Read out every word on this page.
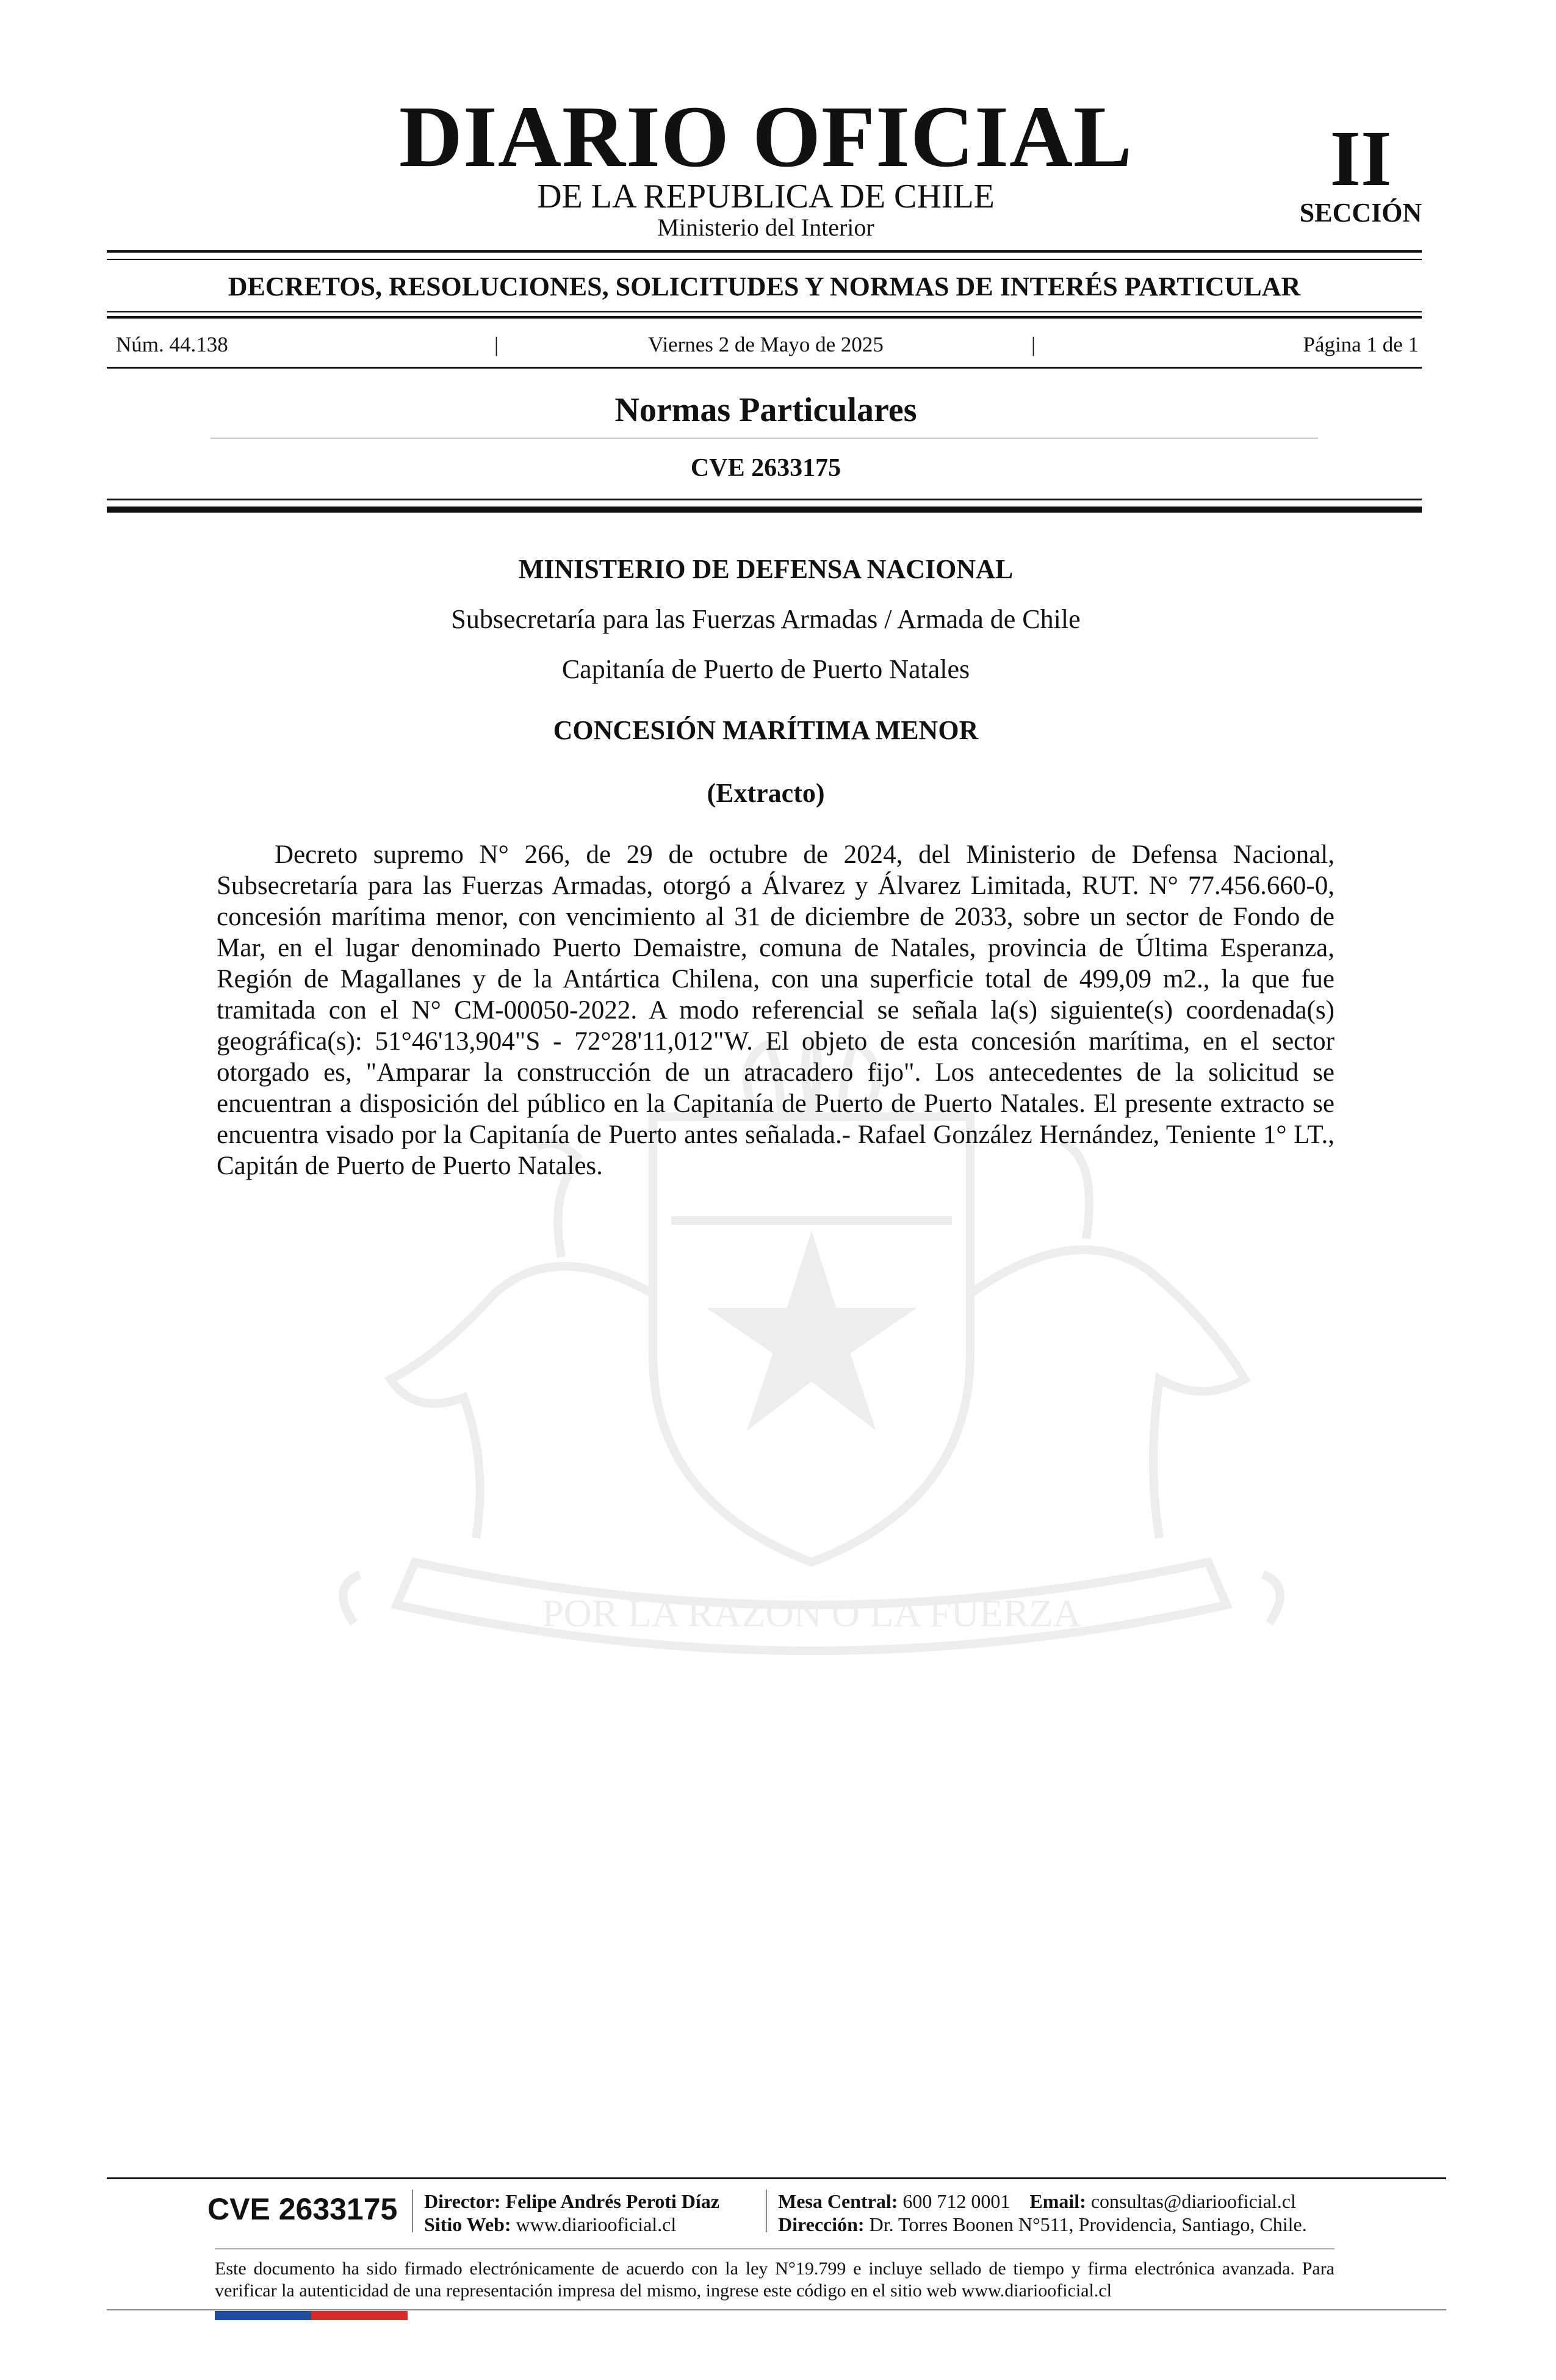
DIARIO OFICIAL
DE LA REPUBLICA DE CHILE
Ministerio del Interior
II
SECCIÓN
DECRETOS, RESOLUCIONES, SOLICITUDES Y NORMAS DE INTERÉS PARTICULAR
Núm. 44.138	|	Viernes 2 de Mayo de 2025	|	Página 1 de 1
Normas Particulares
CVE 2633175
POR LA RAZON O LA FUERZA
MINISTERIO DE DEFENSA NACIONAL
Subsecretaría para las Fuerzas Armadas / Armada de Chile
Capitanía de Puerto de Puerto Natales
CONCESIÓN MARÍTIMA MENOR
(Extracto)

Decreto supremo N° 266, de 29 de octubre de 2024, del Ministerio de Defensa Nacional, Subsecretaría para las Fuerzas Armadas, otorgó a Álvarez y Álvarez Limitada, RUT. N° 77.456.660-0, concesión marítima menor, con vencimiento al 31 de diciembre de 2033, sobre un sector de Fondo de Mar, en el lugar denominado Puerto Demaistre, comuna de Natales, provincia de Última Esperanza, Región de Magallanes y de la Antártica Chilena, con una superficie total de 499,09 m2., la que fue tramitada con el N° CM-00050-2022. A modo referencial se señala la(s) siguiente(s) coordenada(s) geográfica(s): 51°46'13,904"S - 72°28'11,012"W. El objeto de esta concesión marítima, en el sector otorgado es, "Amparar la construcción de un atracadero fijo". Los antecedentes de la solicitud se encuentran a disposición del público en la Capitanía de Puerto de Puerto Natales. El presente extracto se encuentra visado por la Capitanía de Puerto antes señalada.- Rafael González Hernández, Teniente 1° LT., Capitán de Puerto de Puerto Natales.

CVE 2633175 Director: Felipe Andrés Peroti Díaz
Sitio Web: www.diariooficial.cl
Mesa Central: 600 712 0001 Email: consultas@diariooficial.cl
Dirección: Dr. Torres Boonen N°511, Providencia, Santiago, Chile.

Este documento ha sido firmado electrónicamente de acuerdo con la ley N°19.799 e incluye sellado de tiempo y firma electrónica avanzada. Para verificar la autenticidad de una representación impresa del mismo, ingrese este código en el sitio web www.diariooficial.cl
